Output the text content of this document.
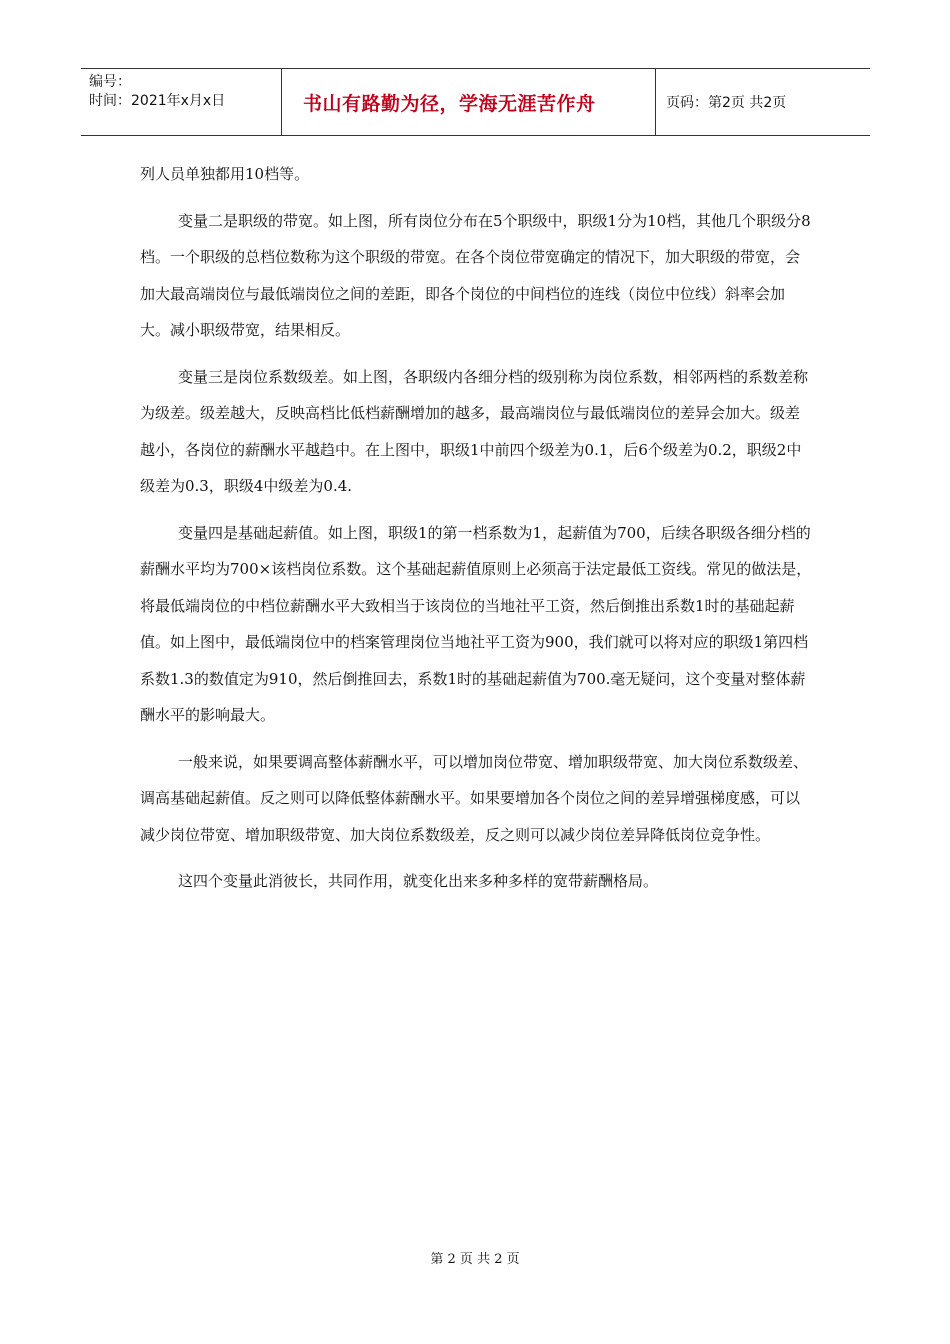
编号：
时间：2021年x月x日	书山有路勤为径，学海无涯苦作舟	页码：第2页 共2页

列人员单独都用10档等。

变量二是职级的带宽。如上图，所有岗位分布在5个职级中，职级1分为10档，其他几个职级分8档。一个职级的总档位数称为这个职级的带宽。在各个岗位带宽确定的情况下，加大职级的带宽，会加大最高端岗位与最低端岗位之间的差距，即各个岗位的中间档位的连线（岗位中位线）斜率会加大。减小职级带宽，结果相反。

变量三是岗位系数级差。如上图，各职级内各细分档的级别称为岗位系数，相邻两档的系数差称为级差。级差越大，反映高档比低档薪酬增加的越多，最高端岗位与最低端岗位的差异会加大。级差越小，各岗位的薪酬水平越趋中。在上图中，职级1中前四个级差为0.1，后6个级差为0.2，职级2中级差为0.3，职级4中级差为0.4.

变量四是基础起薪值。如上图，职级1的第一档系数为1，起薪值为700，后续各职级各细分档的薪酬水平均为700×该档岗位系数。这个基础起薪值原则上必须高于法定最低工资线。常见的做法是，将最低端岗位的中档位薪酬水平大致相当于该岗位的当地社平工资，然后倒推出系数1时的基础起薪值。如上图中，最低端岗位中的档案管理岗位当地社平工资为900，我们就可以将对应的职级1第四档系数1.3的数值定为910，然后倒推回去，系数1时的基础起薪值为700.毫无疑问，这个变量对整体薪酬水平的影响最大。

一般来说，如果要调高整体薪酬水平，可以增加岗位带宽、增加职级带宽、加大岗位系数级差、调高基础起薪值。反之则可以降低整体薪酬水平。如果要增加各个岗位之间的差异增强梯度感，可以减少岗位带宽、增加职级带宽、加大岗位系数级差，反之则可以减少岗位差异降低岗位竞争性。

这四个变量此消彼长，共同作用，就变化出来多种多样的宽带薪酬格局。

第 2 页 共 2 页
